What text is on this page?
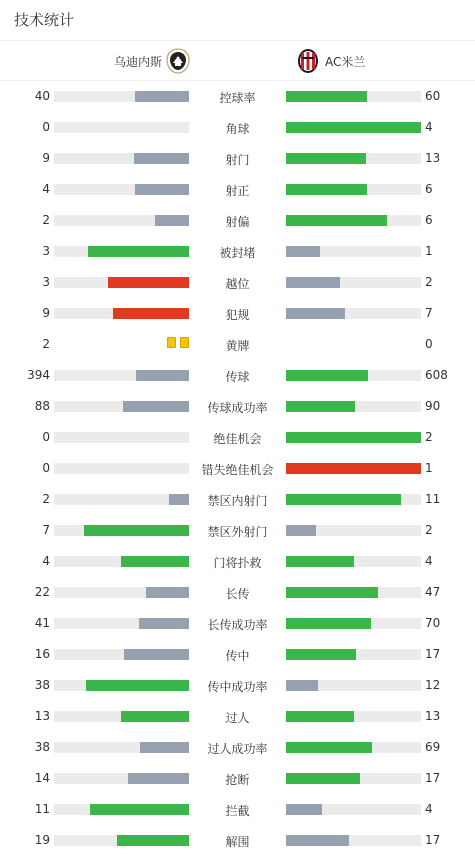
技术统计
乌迪内斯	AC米兰
40	控球率	60
0	角球	4
9	射门	13
4	射正	6
2	射偏	6
3	被封堵	1
3	越位	2
9	犯规	7
2	黄牌	0
394	传球	608
88	传球成功率	90
0	绝佳机会	2
0	错失绝佳机会	1
2	禁区内射门	11
7	禁区外射门	2
4	门将扑救	4
22	长传	47
41	长传成功率	70
16	传中	17
38	传中成功率	12
13	过人	13
38	过人成功率	69
14	抢断	17
11	拦截	4
19	解围	17
